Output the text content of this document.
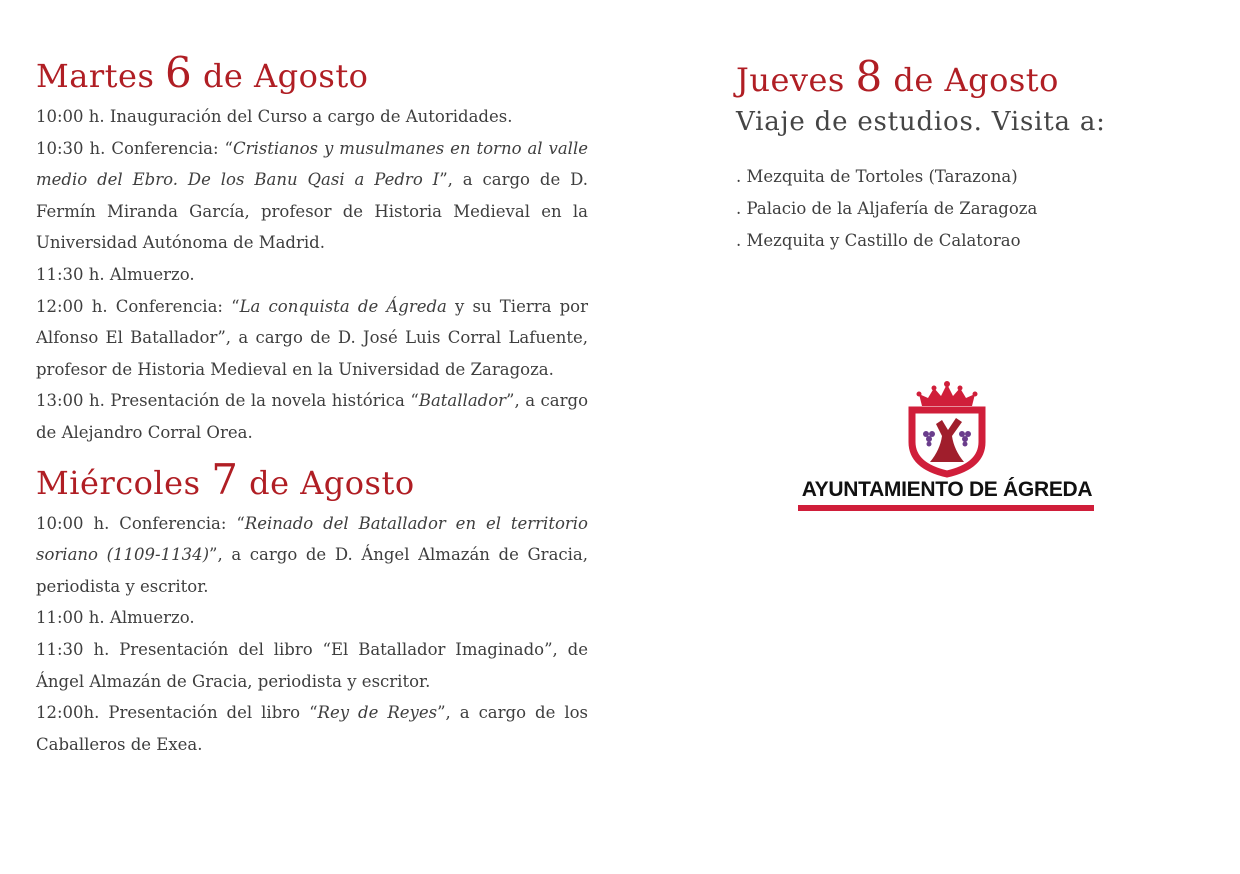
Martes 6 de Agosto

10:00 h. Inauguración del Curso a cargo de Autoridades.

10:30 h. Conferencia: “Cristianos y musulmanes en torno al valle medio del Ebro. De los Banu Qasi a Pedro I”, a cargo de D. Fermín Miranda García, profesor de Historia Medieval en la Universidad Autónoma de Madrid.

11:30 h. Almuerzo.

12:00 h. Conferencia: “La conquista de Ágreda y su Tierra por Alfonso El Batallador”, a cargo de D. José Luis Corral Lafuente, profesor de Historia Medieval en la Universidad de Zaragoza.

13:00 h. Presentación de la novela histórica “Batallador”, a cargo de Alejandro Corral Orea.

Miércoles 7 de Agosto

10:00 h. Conferencia: “Reinado del Batallador en el territorio soriano (1109-1134)”, a cargo de D. Ángel Almazán de Gracia, periodista y escritor.

11:00 h. Almuerzo.

11:30 h. Presentación del libro “El Batallador Imaginado”, de Ángel Almazán de Gracia, periodista y escritor.

12:00h. Presentación del libro “Rey de Reyes”, a cargo de los Caballeros de Exea.

Jueves 8 de Agosto

Viaje de estudios. Visita a:

. Mezquita de Tortoles (Tarazona)
. Palacio de la Aljafería de Zaragoza
. Mezquita y Castillo de Calatorao
AYUNTAMIENTO DE ÁGREDA
